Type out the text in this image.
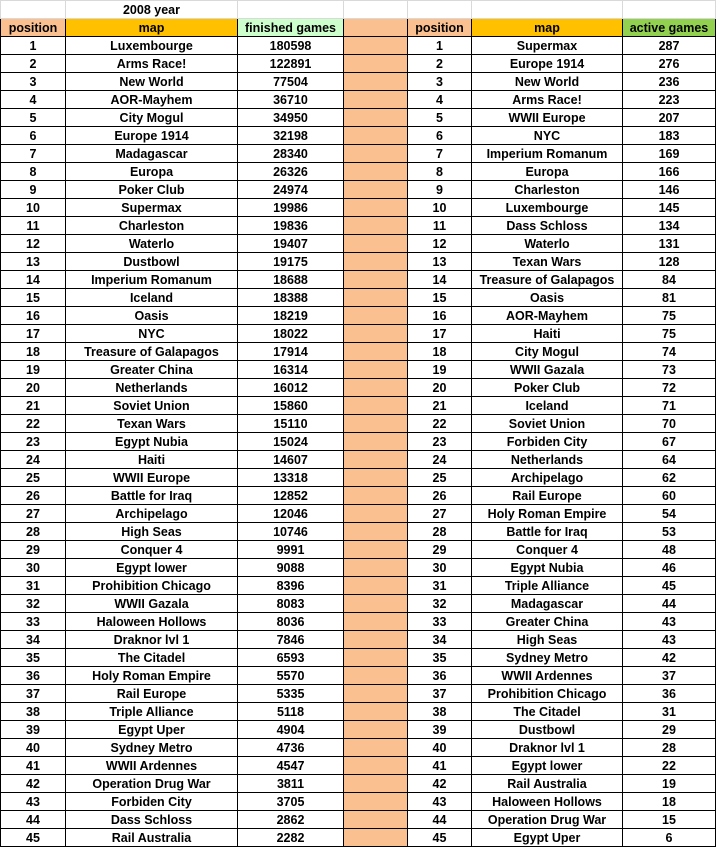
	2008 year					
position	map	finished games		position	map	active games
1	Luxembourge	180598		1	Supermax	287
2	Arms Race!	122891		2	Europe 1914	276
3	New World	77504		3	New World	236
4	AOR-Mayhem	36710		4	Arms Race!	223
5	City Mogul	34950		5	WWII Europe	207
6	Europe 1914	32198		6	NYC	183
7	Madagascar	28340		7	Imperium Romanum	169
8	Europa	26326		8	Europa	166
9	Poker Club	24974		9	Charleston	146
10	Supermax	19986		10	Luxembourge	145
11	Charleston	19836		11	Dass Schloss	134
12	Waterlo	19407		12	Waterlo	131
13	Dustbowl	19175		13	Texan Wars	128
14	Imperium Romanum	18688		14	Treasure of Galapagos	84
15	Iceland	18388		15	Oasis	81
16	Oasis	18219		16	AOR-Mayhem	75
17	NYC	18022		17	Haiti	75
18	Treasure of Galapagos	17914		18	City Mogul	74
19	Greater China	16314		19	WWII Gazala	73
20	Netherlands	16012		20	Poker Club	72
21	Soviet Union	15860		21	Iceland	71
22	Texan Wars	15110		22	Soviet Union	70
23	Egypt Nubia	15024		23	Forbiden City	67
24	Haiti	14607		24	Netherlands	64
25	WWII Europe	13318		25	Archipelago	62
26	Battle for Iraq	12852		26	Rail Europe	60
27	Archipelago	12046		27	Holy Roman Empire	54
28	High Seas	10746		28	Battle for Iraq	53
29	Conquer 4	9991		29	Conquer 4	48
30	Egypt lower	9088		30	Egypt Nubia	46
31	Prohibition Chicago	8396		31	Triple Alliance	45
32	WWII Gazala	8083		32	Madagascar	44
33	Haloween Hollows	8036		33	Greater China	43
34	Draknor lvl 1	7846		34	High Seas	43
35	The Citadel	6593		35	Sydney Metro	42
36	Holy Roman Empire	5570		36	WWII Ardennes	37
37	Rail Europe	5335		37	Prohibition Chicago	36
38	Triple Alliance	5118		38	The Citadel	31
39	Egypt Uper	4904		39	Dustbowl	29
40	Sydney Metro	4736		40	Draknor lvl 1	28
41	WWII Ardennes	4547		41	Egypt lower	22
42	Operation Drug War	3811		42	Rail Australia	19
43	Forbiden City	3705		43	Haloween Hollows	18
44	Dass Schloss	2862		44	Operation Drug War	15
45	Rail Australia	2282		45	Egypt Uper	6
